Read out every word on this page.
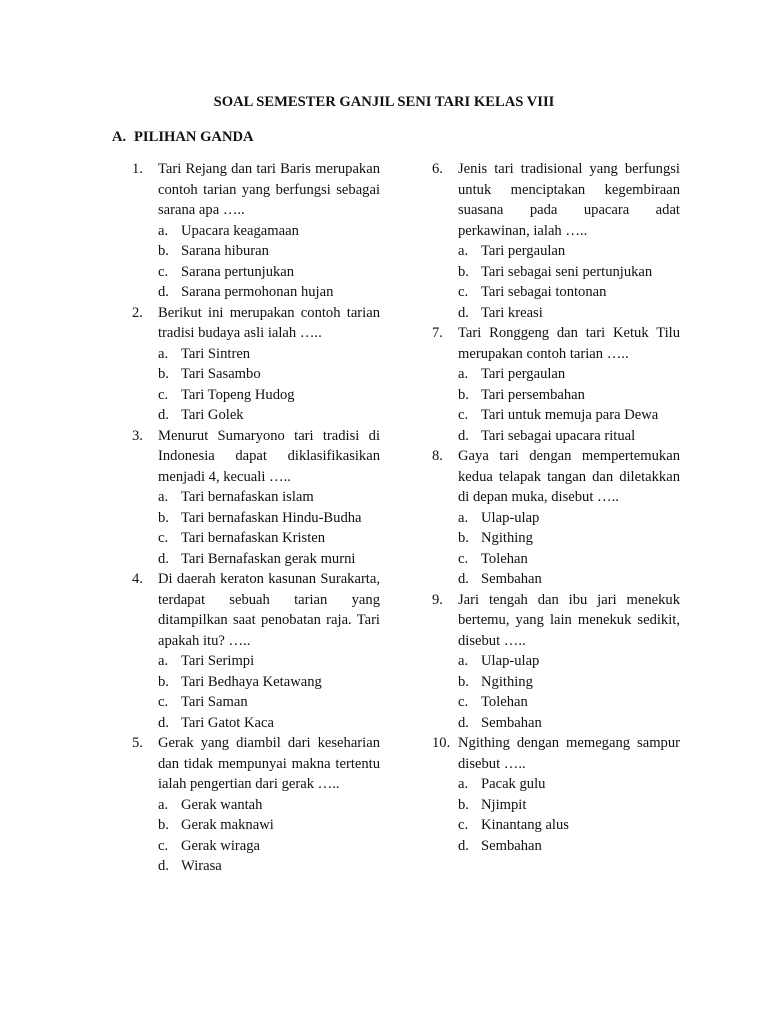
SOAL SEMESTER GANJIL SENI TARI KELAS VIII
A. PILIHAN GANDA
1.	Tari Rejang dan tari Baris merupakan contoh tarian yang berfungsi sebagai sarana apa …..
a. Upacara keagamaan
b. Sarana hiburan
c. Sarana pertunjukan
d. Sarana permohonan hujan
2.	Berikut ini merupakan contoh tarian tradisi budaya asli ialah …..
a. Tari Sintren
b. Tari Sasambo
c. Tari Topeng Hudog
d. Tari Golek
3.	Menurut Sumaryono tari tradisi di Indonesia dapat diklasifikasikan menjadi 4, kecuali …..
a. Tari bernafaskan islam
b. Tari bernafaskan Hindu-Budha
c. Tari bernafaskan Kristen
d. Tari Bernafaskan gerak murni
4.	Di daerah keraton kasunan Surakarta, terdapat sebuah tarian yang ditampilkan saat penobatan raja. Tari apakah itu? …..
a. Tari Serimpi
b. Tari Bedhaya Ketawang
c. Tari Saman
d. Tari Gatot Kaca
5.	Gerak yang diambil dari keseharian dan tidak mempunyai makna tertentu ialah pengertian dari gerak …..
a. Gerak wantah
b. Gerak maknawi
c. Gerak wiraga
d. Wirasa
6.	Jenis tari tradisional yang berfungsi untuk menciptakan kegembiraan suasana pada upacara adat perkawinan, ialah …..
a. Tari pergaulan
b. Tari sebagai seni pertunjukan
c. Tari sebagai tontonan
d. Tari kreasi
7.	Tari Ronggeng dan tari Ketuk Tilu merupakan contoh tarian …..
a. Tari pergaulan
b. Tari persembahan
c. Tari untuk memuja para Dewa
d. Tari sebagai upacara ritual
8.	Gaya tari dengan mempertemukan kedua telapak tangan dan diletakkan di depan muka, disebut …..
a. Ulap-ulap
b. Ngithing
c. Tolehan
d. Sembahan
9.	Jari tengah dan ibu jari menekuk bertemu, yang lain menekuk sedikit, disebut …..
a. Ulap-ulap
b. Ngithing
c. Tolehan
d. Sembahan
10. Ngithing dengan memegang sampur disebut …..
a. Pacak gulu
b. Njimpit
c. Kinantang alus
d. Sembahan
